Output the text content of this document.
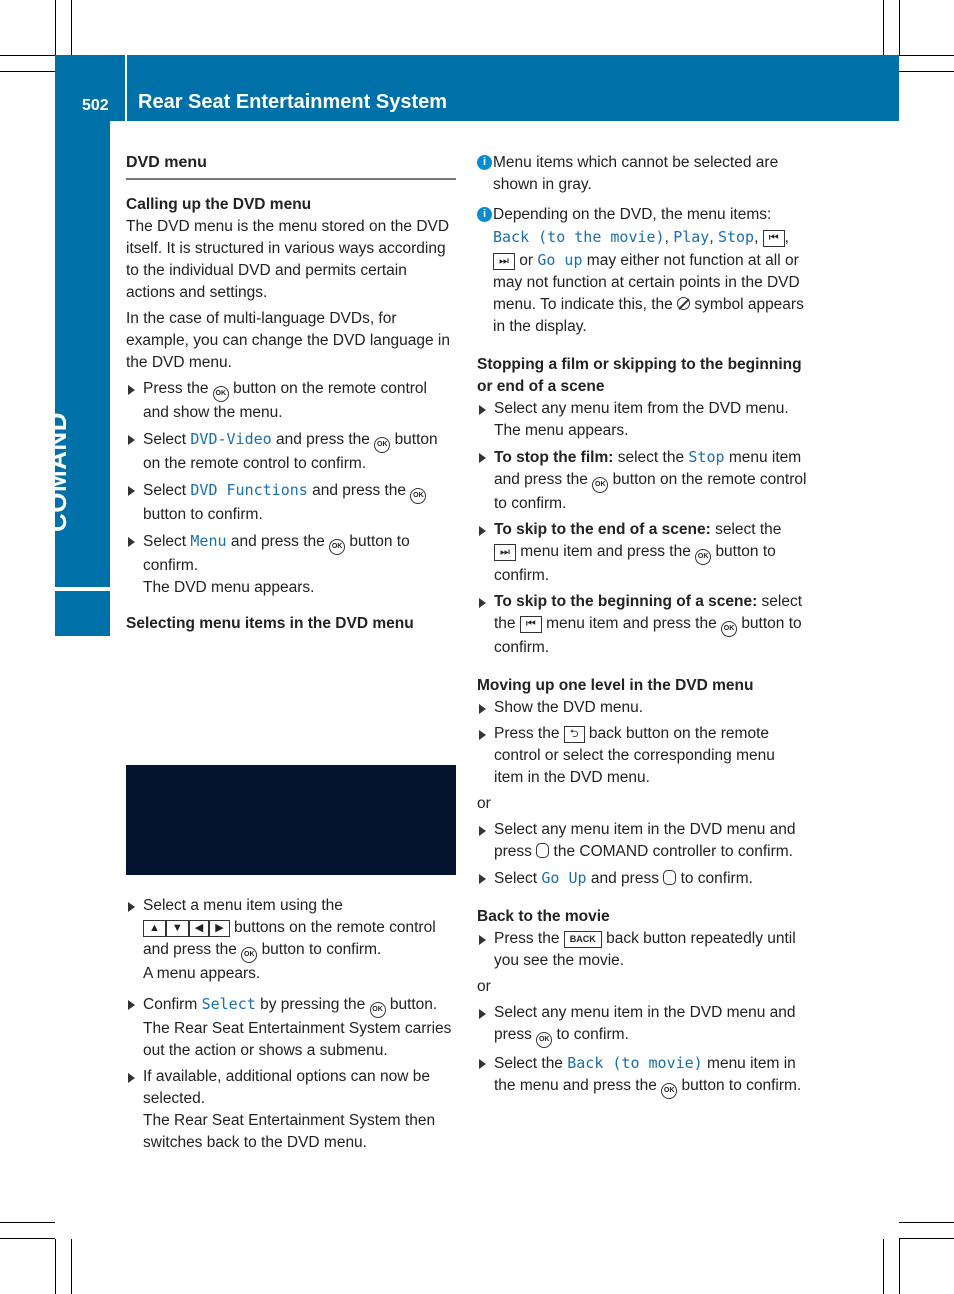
502 Rear Seat Entertainment System
COMAND
DVD menu
Calling up the DVD menu

The DVD menu is the menu stored on the DVD itself. It is structured in various ways according to the individual DVD and permits certain actions and settings.

In the case of multi-language DVDs, for example, you can change the DVD language in the DVD menu.

Press the OK button on the remote control and show the menu.
Select DVD-Video and press the OK button on the remote control to confirm.
Select DVD Functions and press the OK button to confirm.
Select Menu and press the OK button to confirm.
The DVD menu appears.
Selecting menu items in the DVD menu
Select a menu item using the
▲ ▼ ◀ ▶ buttons on the remote control and press the OK button to confirm.
A menu appears.
Confirm Select by pressing the OK button.
The Rear Seat Entertainment System carries out the action or shows a submenu.
If available, additional options can now be selected.
The Rear Seat Entertainment System then switches back to the DVD menu.
i Menu items which cannot be selected are shown in gray.
i Depending on the DVD, the menu items: Back (to the movie), Play, Stop, ⏮ , ⏭ or Go up may either not function at all or may not function at certain points in the DVD menu. To indicate this, the symbol appears in the display.
Stopping a film or skipping to the beginning or end of a scene
Select any menu item from the DVD menu.
The menu appears.
To stop the film: select the Stop menu item and press the OK button on the remote control to confirm.
To skip to the end of a scene: select the ⏭ menu item and press the OK button to confirm.
To skip to the beginning of a scene: select the ⏮ menu item and press the OK button to confirm.
Moving up one level in the DVD menu
Show the DVD menu.
Press the ⮌ back button on the remote control or select the corresponding menu item in the DVD menu.

or

Select any menu item in the DVD menu and press the COMAND controller to confirm.
Select Go Up and press to confirm.
Back to the movie
Press the BACK back button repeatedly until you see the movie.

or

Select any menu item in the DVD menu and press OK to confirm.
Select the Back (to movie) menu item in the menu and press the OK button to confirm.
